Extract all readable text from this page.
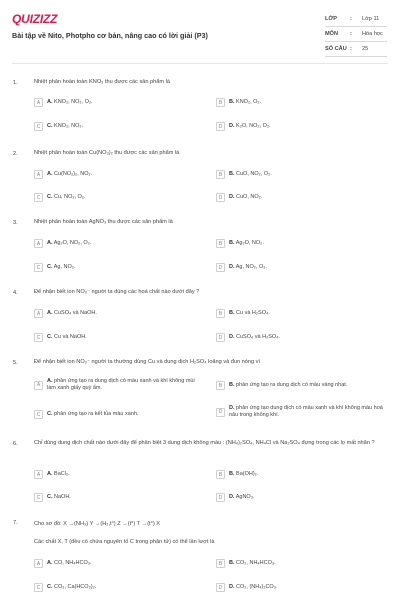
QUIZIZZ
Bài tập về Nito, Photpho cơ bản, nâng cao có lời giải (P3)
LỚP : Lớp 11
MÔN : Hóa học
SỐ CÂU : 25
1.	Nhiệt phân hoàn toàn KNO₃ thu được các sản phẩm là
A	A. KNO₂, NO₂, O₂.	B	B. KNO₂, O₂.
C	C. KNO₂, NO₂.	D	D. K₂O, NO₂, O₂.
2.	Nhiệt phân hoàn toàn Cu(NO₃)₂ thu được các sản phẩm là
A	A. Cu(NO₂)₂, NO₂.	B	B. CuO, NO₂, O₂.
C	C. Cu, NO₂, O₂.	D	D. CuO, NO₂.
3.	Nhiệt phân hoàn toàn AgNO₃ thu được các sản phẩm là
A	A. Ag₂O, NO₂, O₂.	B	B. Ag₂O, NO₂.
C	C. Ag, NO₂.	D	D. Ag, NO₂, O₂.
4.	Để nhận biết ion NO₃⁻ người ta dùng các hoá chất nào dưới đây ?
A	A. CuSO₄ và NaOH.	B	B. Cu và H₂SO₄.
C	C. Cu và NaOH.	D	D. CuSO₄ và H₂SO₄.
5.	Để nhận biết ion NO₃⁻ người ta thường dùng Cu và dung dịch H₂SO₄ loãng và đun nóng vì
A
A. phản ứng tạo ra dung dịch có màu xanh và khí không mùi làm xanh giấy quỳ ẩm.	B	B. phản ứng tạo ra dung dịch có màu vàng nhạt.
C	C. phản ứng tạo ra kết tủa màu xanh.	D
D. phản ứng tạo dung dịch có màu xanh và khí không màu hoá nâu trong không khí.
6.	Chỉ dùng dung dịch chất nào dưới đây để phân biệt 3 dung dịch không màu : (NH₄)₂SO₄, NH₄Cl và Na₂SO₄ đựng trong các lọ mất nhãn ?
A	A. BaCl₂.	B	B. Ba(OH)₂.
C	C. NaOH.	D	D. AgNO₃.
7.	Cho sơ đồ: X →(NH₃) Y →(H₂,t°) Z →(t°) T →(t°) X
Các chất X, T (đều có chứa nguyên tố C trong phân tử) có thể lần lượt là
A	A. CO, NH₄HCO₃.	B	B. CO₂, NH₄HCO₃.
C	C. CO₂, Ca(HCO₃)₂.	D	D. CO₂, (NH₄)₂CO₃.
